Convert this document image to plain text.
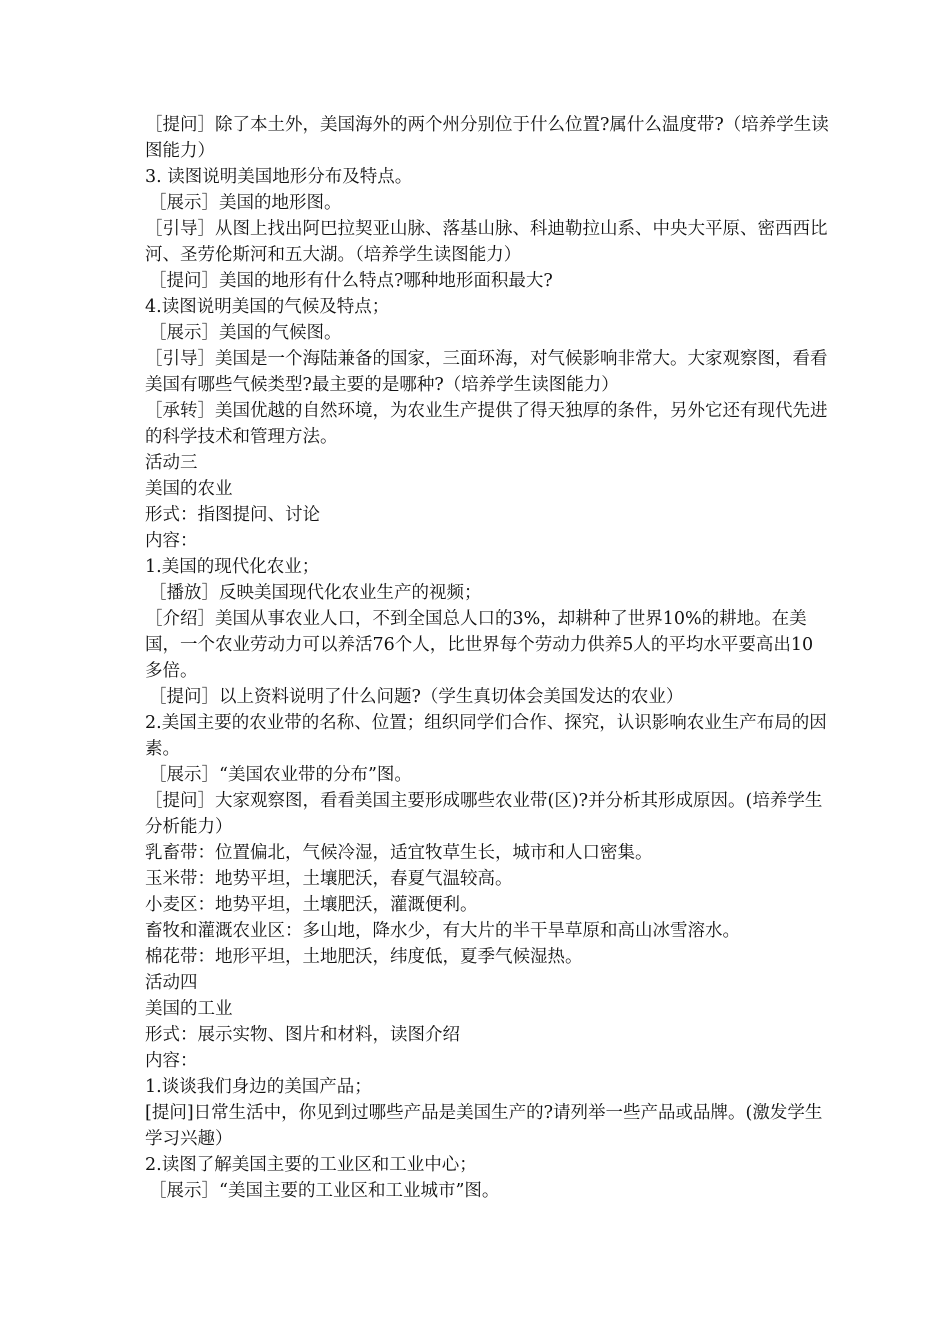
［提问］除了本土外，美国海外的两个州分别位于什么位置?属什么温度带?（培养学生读图能力）

3. 读图说明美国地形分布及特点。

［展示］美国的地形图。

［引导］从图上找出阿巴拉契亚山脉、落基山脉、科迪勒拉山系、中央大平原、密西西比河、圣劳伦斯河和五大湖。（培养学生读图能力）

［提问］美国的地形有什么特点?哪种地形面积最大?

4.读图说明美国的气候及特点；

［展示］美国的气候图。

［引导］美国是一个海陆兼备的国家，三面环海，对气候影响非常大。大家观察图，看看美国有哪些气候类型?最主要的是哪种?（培养学生读图能力）

［承转］美国优越的自然环境，为农业生产提供了得天独厚的条件，另外它还有现代先进的科学技术和管理方法。

活动三

美国的农业

形式：指图提问、讨论

内容：

1.美国的现代化农业；

［播放］反映美国现代化农业生产的视频；

［介绍］美国从事农业人口，不到全国总人口的3%，却耕种了世界10%的耕地。在美国，一个农业劳动力可以养活76个人，比世界每个劳动力供养5人的平均水平要高出10多倍。

［提问］以上资料说明了什么问题?（学生真切体会美国发达的农业）

2.美国主要的农业带的名称、位置；组织同学们合作、探究，认识影响农业生产布局的因素。

［展示］“美国农业带的分布”图。

［提问］大家观察图，看看美国主要形成哪些农业带(区)?并分析其形成原因。(培养学生分析能力）

乳畜带：位置偏北，气候冷湿，适宜牧草生长，城市和人口密集。

玉米带：地势平坦，土壤肥沃，春夏气温较高。

小麦区：地势平坦，土壤肥沃，灌溉便利。

畜牧和灌溉农业区：多山地，降水少，有大片的半干旱草原和高山冰雪溶水。

棉花带：地形平坦，土地肥沃，纬度低，夏季气候湿热。

活动四

美国的工业

形式：展示实物、图片和材料，读图介绍

内容：

1.谈谈我们身边的美国产品；

[提问]日常生活中，你见到过哪些产品是美国生产的?请列举一些产品或品牌。(激发学生学习兴趣）

2.读图了解美国主要的工业区和工业中心；

［展示］“美国主要的工业区和工业城市”图。
